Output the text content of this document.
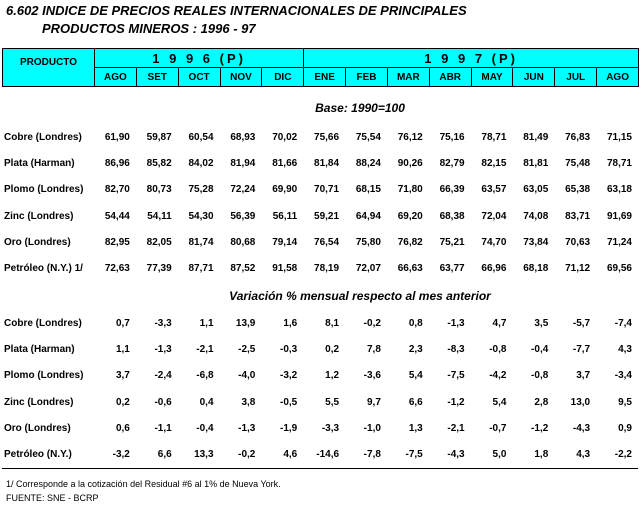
6.602 INDICE DE PRECIOS REALES INTERNACIONALES DE PRINCIPALES
PRODUCTOS MINEROS : 1996 - 97
PRODUCTO	1 9 9 6 (P)					1 9 9 7 (P)							
	AGO	SET	OCT	NOV	DIC	ENE	FEB	MAR	ABR	MAY	JUN	JUL	AGO
Base: 1990=100
Cobre (Londres)	61,90	59,87	60,54	68,93	70,02	75,66	75,54	76,12	75,16	78,71	81,49	76,83	71,15
Plata (Harman)	86,96	85,82	84,02	81,94	81,66	81,84	88,24	90,26	82,79	82,15	81,81	75,48	78,71
Plomo (Londres)	82,70	80,73	75,28	72,24	69,90	70,71	68,15	71,80	66,39	63,57	63,05	65,38	63,18
Zinc (Londres)	54,44	54,11	54,30	56,39	56,11	59,21	64,94	69,20	68,38	72,04	74,08	83,71	91,69
Oro (Londres)	82,95	82,05	81,74	80,68	79,14	76,54	75,80	76,82	75,21	74,70	73,84	70,63	71,24
Petróleo (N.Y.) 1/	72,63	77,39	87,71	87,52	91,58	78,19	72,07	66,63	63,77	66,96	68,18	71,12	69,56
Variación % mensual respecto al mes anterior
Cobre (Londres)	0,7	-3,3	1,1	13,9	1,6	8,1	-0,2	0,8	-1,3	4,7	3,5	-5,7	-7,4
Plata (Harman)	1,1	-1,3	-2,1	-2,5	-0,3	0,2	7,8	2,3	-8,3	-0,8	-0,4	-7,7	4,3
Plomo (Londres)	3,7	-2,4	-6,8	-4,0	-3,2	1,2	-3,6	5,4	-7,5	-4,2	-0,8	3,7	-3,4
Zinc (Londres)	0,2	-0,6	0,4	3,8	-0,5	5,5	9,7	6,6	-1,2	5,4	2,8	13,0	9,5
Oro (Londres)	0,6	-1,1	-0,4	-1,3	-1,9	-3,3	-1,0	1,3	-2,1	-0,7	-1,2	-4,3	0,9
Petróleo (N.Y.)	-3,2	6,6	13,3	-0,2	4,6	-14,6	-7,8	-7,5	-4,3	5,0	1,8	4,3	-2,2
1/ Corresponde a la cotización del Residual #6 al 1% de Nueva York.
FUENTE: SNE - BCRP
